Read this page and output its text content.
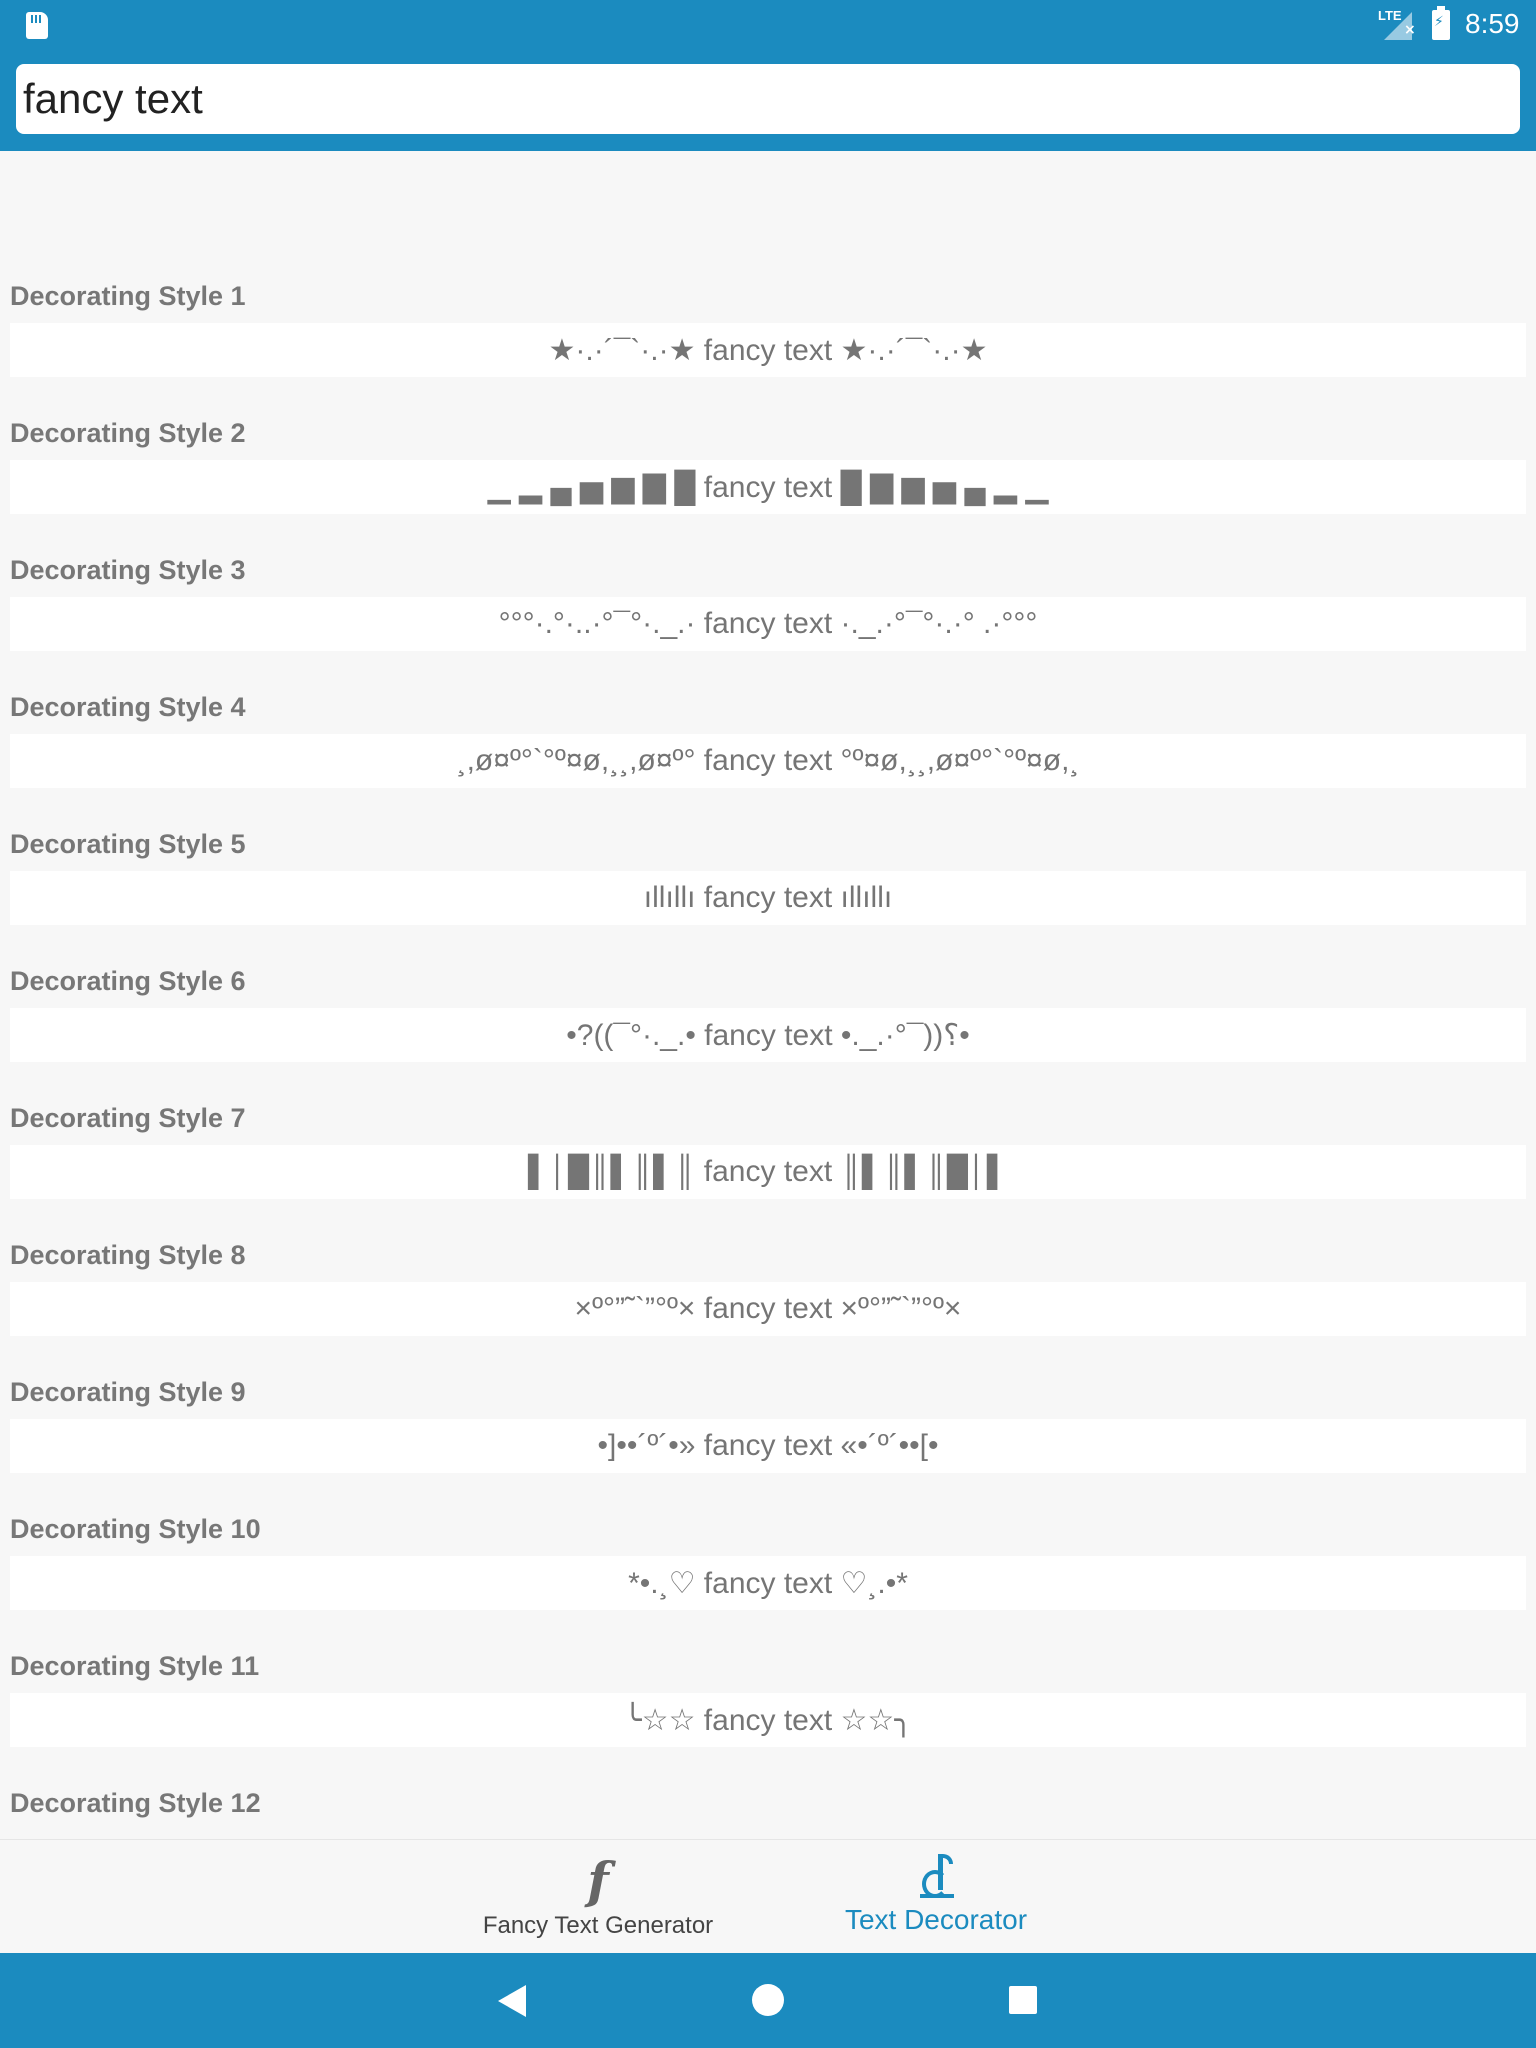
LTE
×
⚡ 8:59
fancy text
Decorating Style 1
★·.·´¯`·.·★ fancy text ★·.·´¯`·.·★
Decorating Style 2
▁ ▂ ▄ ▅ ▆ ▇ █ fancy text █ ▇ ▆ ▅ ▄ ▂ ▁
Decorating Style 3
°°°·.°·..·°¯°·._.· fancy text ·._.·°¯°·.·° .·°°°
Decorating Style 4
¸,ø¤º°`°º¤ø,¸¸,ø¤º° fancy text °º¤ø,¸¸,ø¤º°`°º¤ø,¸
Decorating Style 5
ıllıllı fancy text ıllıllı
Decorating Style 6
•?((¯°·._.• fancy text •._.·°¯))؟•
Decorating Style 7
▌│█║▌║▌║ fancy text ║▌║▌║█│▌
Decorating Style 8
×º°”˜`”°º× fancy text ×º°”˜`”°º×
Decorating Style 9
•]••´º´•» fancy text «•´º´••[•
Decorating Style 10
*•.¸♡ fancy text ♡¸.•*
Decorating Style 11
╰☆☆ fancy text ☆☆╮
Decorating Style 12
f
Fancy Text Generator	Text Decorator
